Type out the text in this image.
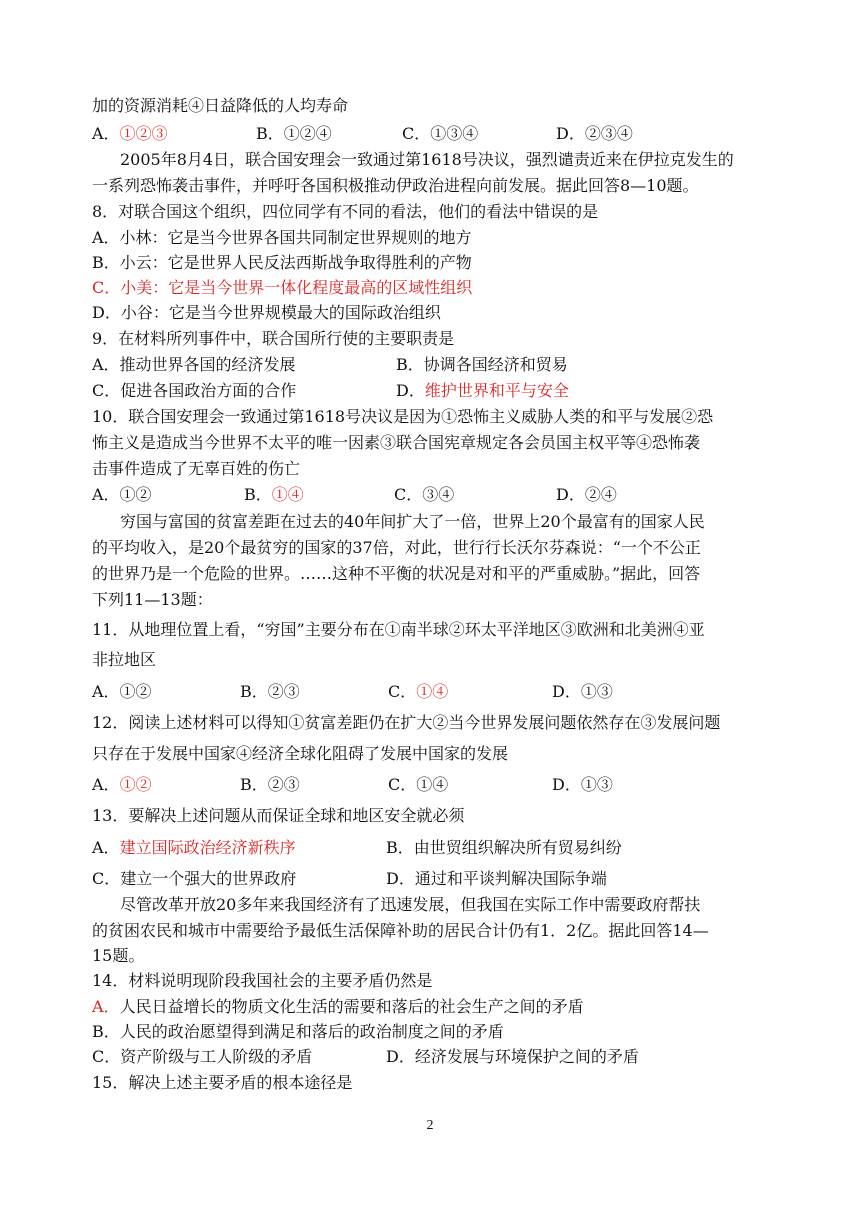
加的资源消耗④日益降低的人均寿命
A．①②③	B．①②④	C．①③④	D．②③④
2005年8月4日，联合国安理会一致通过第1618号决议，强烈谴责近来在伊拉克发生的
一系列恐怖袭击事件，并呼吁各国积极推动伊政治进程向前发展。据此回答8—10题。
8．对联合国这个组织，四位同学有不同的看法，他们的看法中错误的是
A．小林：它是当今世界各国共同制定世界规则的地方
B．小云：它是世界人民反法西斯战争取得胜利的产物
C．小美：它是当今世界一体化程度最高的区域性组织
D．小谷：它是当今世界规模最大的国际政治组织
9．在材料所列事件中，联合国所行使的主要职责是
A．推动世界各国的经济发展	B．协调各国经济和贸易
C．促进各国政治方面的合作	D．维护世界和平与安全
10．联合国安理会一致通过第1618号决议是因为①恐怖主义威胁人类的和平与发展②恐
怖主义是造成当今世界不太平的唯一因素③联合国宪章规定各会员国主权平等④恐怖袭
击事件造成了无辜百姓的伤亡
A．①②	B．①④	C．③④	D．②④
穷国与富国的贫富差距在过去的40年间扩大了一倍，世界上20个最富有的国家人民
的平均收入，是20个最贫穷的国家的37倍，对此，世行行长沃尔芬森说：“一个不公正
的世界乃是一个危险的世界。……这种不平衡的状况是对和平的严重威胁。”据此，回答
下列11—13题：
11．从地理位置上看，“穷国”主要分布在①南半球②环太平洋地区③欧洲和北美洲④亚
非拉地区
A．①②	B．②③	C．①④	D．①③
12．阅读上述材料可以得知①贫富差距仍在扩大②当今世界发展问题依然存在③发展问题
只存在于发展中国家④经济全球化阻碍了发展中国家的发展
A．①②	B．②③	C．①④	D．①③
13．要解决上述问题从而保证全球和地区安全就必须
A．建立国际政治经济新秩序	B．由世贸组织解决所有贸易纠纷
C．建立一个强大的世界政府	D．通过和平谈判解决国际争端
尽管改革开放20多年来我国经济有了迅速发展，但我国在实际工作中需要政府帮扶
的贫困农民和城市中需要给予最低生活保障补助的居民合计仍有1．2亿。据此回答14—
15题。
14．材料说明现阶段我国社会的主要矛盾仍然是
A．人民日益增长的物质文化生活的需要和落后的社会生产之间的矛盾
B．人民的政治愿望得到满足和落后的政治制度之间的矛盾
C．资产阶级与工人阶级的矛盾	D．经济发展与环境保护之间的矛盾
15．解决上述主要矛盾的根本途径是
2
